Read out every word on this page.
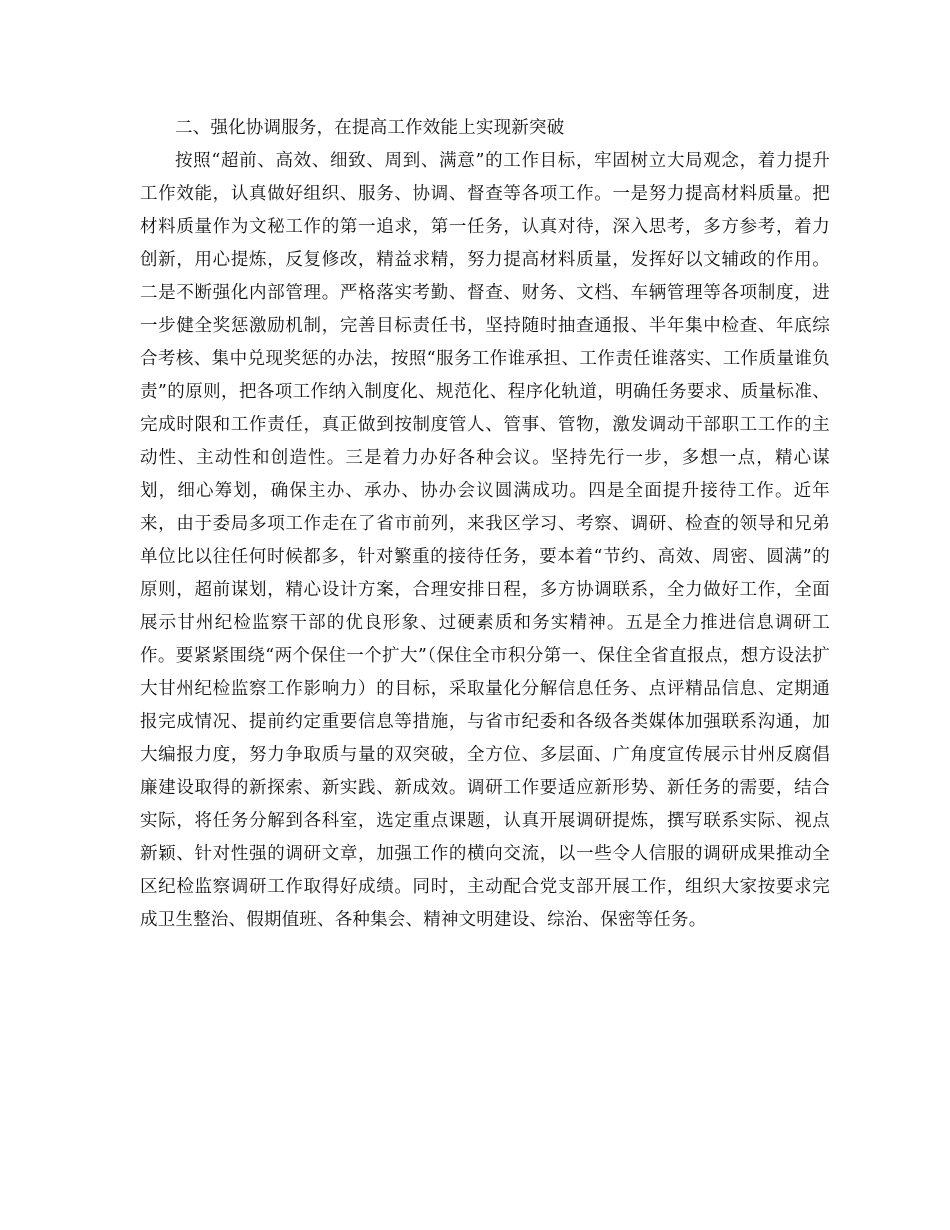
二、强化协调服务，在提高工作效能上实现新突破

按照“超前、高效、细致、周到、满意”的工作目标，牢固树立大局观念，着力提升工作效能，认真做好组织、服务、协调、督查等各项工作。一是努力提高材料质量。把材料质量作为文秘工作的第一追求，第一任务，认真对待，深入思考，多方参考，着力创新，用心提炼，反复修改，精益求精，努力提高材料质量，发挥好以文辅政的作用。二是不断强化内部管理。严格落实考勤、督查、财务、文档、车辆管理等各项制度，进一步健全奖惩激励机制，完善目标责任书，坚持随时抽查通报、半年集中检查、年底综合考核、集中兑现奖惩的办法，按照“服务工作谁承担、工作责任谁落实、工作质量谁负责”的原则，把各项工作纳入制度化、规范化、程序化轨道，明确任务要求、质量标准、完成时限和工作责任，真正做到按制度管人、管事、管物，激发调动干部职工工作的主动性、主动性和创造性。三是着力办好各种会议。坚持先行一步，多想一点，精心谋划，细心筹划，确保主办、承办、协办会议圆满成功。四是全面提升接待工作。近年来，由于委局多项工作走在了省市前列，来我区学习、考察、调研、检查的领导和兄弟单位比以往任何时候都多，针对繁重的接待任务，要本着“节约、高效、周密、圆满”的原则，超前谋划，精心设计方案，合理安排日程，多方协调联系，全力做好工作，全面展示甘州纪检监察干部的优良形象、过硬素质和务实精神。五是全力推进信息调研工作。要紧紧围绕“两个保住一个扩大”（保住全市积分第一、保住全省直报点，想方设法扩大甘州纪检监察工作影响力）的目标，采取量化分解信息任务、点评精品信息、定期通报完成情况、提前约定重要信息等措施，与省市纪委和各级各类媒体加强联系沟通，加大编报力度，努力争取质与量的双突破，全方位、多层面、广角度宣传展示甘州反腐倡廉建设取得的新探索、新实践、新成效。调研工作要适应新形势、新任务的需要，结合实际，将任务分解到各科室，选定重点课题，认真开展调研提炼，撰写联系实际、视点新颖、针对性强的调研文章，加强工作的横向交流，以一些令人信服的调研成果推动全区纪检监察调研工作取得好成绩。同时，主动配合党支部开展工作，组织大家按要求完成卫生整治、假期值班、各种集会、精神文明建设、综治、保密等任务。
